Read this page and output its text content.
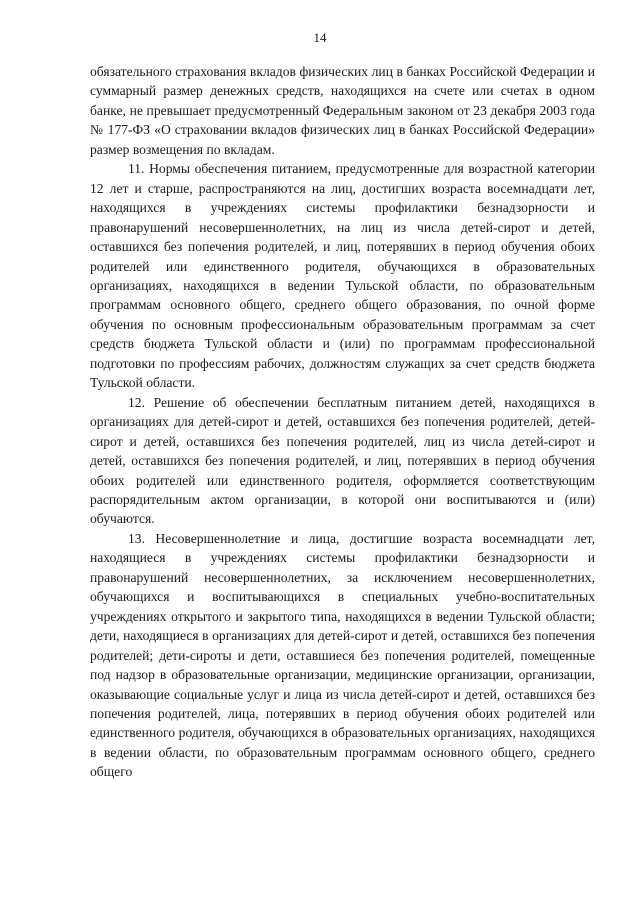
14

обязательного страхования вкладов физических лиц в банках Российской Федерации и суммарный размер денежных средств, находящихся на счете или счетах в одном банке, не превышает предусмотренный Федеральным законом от 23 декабря 2003 года № 177-ФЗ «О страховании вкладов физических лиц в банках Российской Федерации» размер возмещения по вкладам.

11. Нормы обеспечения питанием, предусмотренные для возрастной категории 12 лет и старше, распространяются на лиц, достигших возраста восемнадцати лет, находящихся в учреждениях системы профилактики безнадзорности и правонарушений несовершеннолетних, на лиц из числа детей-сирот и детей, оставшихся без попечения родителей, и лиц, потерявших в период обучения обоих родителей или единственного родителя, обучающихся в образовательных организациях, находящихся в ведении Тульской области, по образовательным программам основного общего, среднего общего образования, по очной форме обучения по основным профессиональным образовательным программам за счет средств бюджета Тульской области и (или) по программам профессиональной подготовки по профессиям рабочих, должностям служащих за счет средств бюджета Тульской области.

12. Решение об обеспечении бесплатным питанием детей, находящихся в организациях для детей-сирот и детей, оставшихся без попечения родителей, детей-сирот и детей, оставшихся без попечения родителей, лиц из числа детей-сирот и детей, оставшихся без попечения родителей, и лиц, потерявших в период обучения обоих родителей или единственного родителя, оформляется соответствующим распорядительным актом организации, в которой они воспитываются и (или) обучаются.

13. Несовершеннолетние и лица, достигшие возраста восемнадцати лет, находящиеся в учреждениях системы профилактики безнадзорности и правонарушений несовершеннолетних, за исключением несовершеннолетних, обучающихся и воспитывающихся в специальных учебно-воспитательных учреждениях открытого и закрытого типа, находящихся в ведении Тульской области; дети, находящиеся в организациях для детей-сирот и детей, оставшихся без попечения родителей; дети-сироты и дети, оставшиеся без попечения родителей, помещенные под надзор в образовательные организации, медицинские организации, организации, оказывающие социальные услуг и лица из числа детей-сирот и детей, оставшихся без попечения родителей, лица, потерявших в период обучения обоих родителей или единственного родителя, обучающихся в образовательных организациях, находящихся в ведении области, по образовательным программам основного общего, среднего общего
